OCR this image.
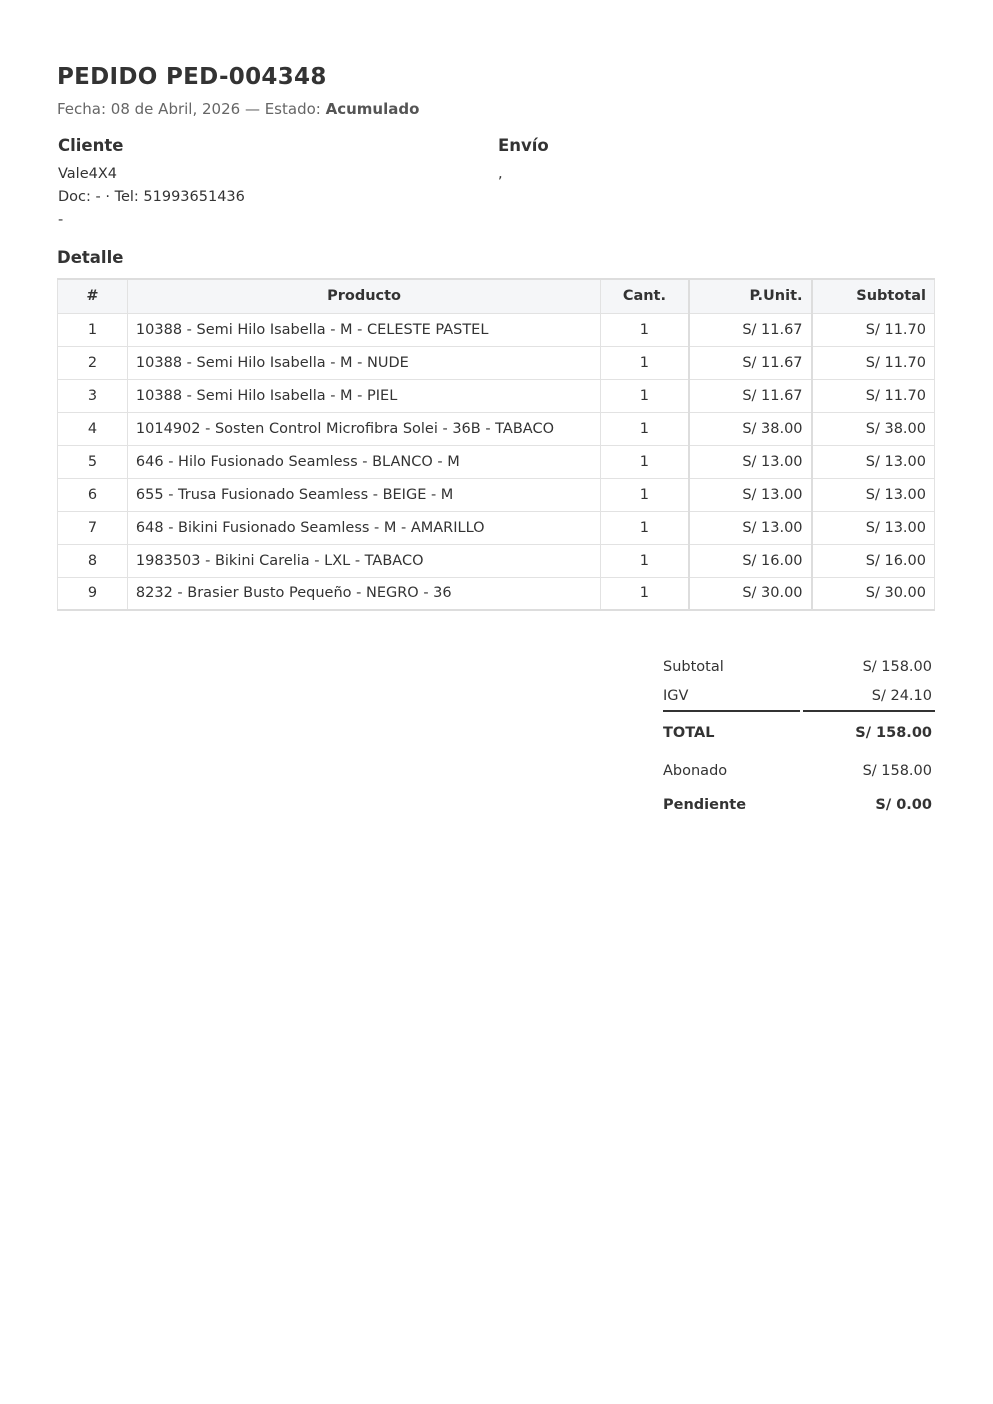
PEDIDO PED-004348
Fecha: 08 de Abril, 2026 — Estado: Acumulado
Cliente
Vale4X4
Doc: - · Tel: 51993651436
-
Envío
,
Detalle
#	Producto	Cant.	P.Unit.	Subtotal
1	10388 - Semi Hilo Isabella - M - CELESTE PASTEL	1	S/ 11.67	S/ 11.70
2	10388 - Semi Hilo Isabella - M - NUDE	1	S/ 11.67	S/ 11.70
3	10388 - Semi Hilo Isabella - M - PIEL	1	S/ 11.67	S/ 11.70
4	1014902 - Sosten Control Microfibra Solei - 36B - TABACO	1	S/ 38.00	S/ 38.00
5	646 - Hilo Fusionado Seamless - BLANCO - M	1	S/ 13.00	S/ 13.00
6	655 - Trusa Fusionado Seamless - BEIGE - M	1	S/ 13.00	S/ 13.00
7	648 - Bikini Fusionado Seamless - M - AMARILLO	1	S/ 13.00	S/ 13.00
8	1983503 - Bikini Carelia - LXL - TABACO	1	S/ 16.00	S/ 16.00
9	8232 - Brasier Busto Pequeño - NEGRO - 36	1	S/ 30.00	S/ 30.00
Subtotal	S/ 158.00
IGV	S/ 24.10
TOTAL	S/ 158.00
Abonado	S/ 158.00
Pendiente	S/ 0.00
